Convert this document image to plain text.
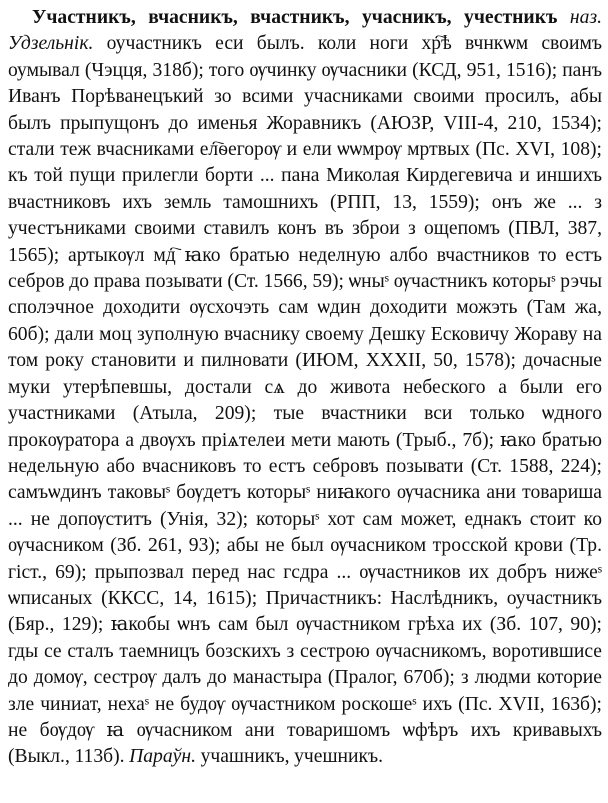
Участникъ, вчасникъ, вчастникъ, учасникъ, учестникъ наз. Удзельнік. оучастникъ еси былъ. коли ноги хр҇ѣ вчнкѡм своимъ оумывал (Чэцця, 318б); того ѹчинку ѹчасники (КСД, 951, 1516); панъ Иванъ Порѣванецъкий зо всими учасниками своими просилъ, абы былъ прыпущонъ до именья Жоравникъ (АЮЗР, VIII-4, 210, 1534); стали теж вчасниками ел҇ѳегорѹ и ели ѡѡмрѹ мртвых (Пс. XVI, 108); къ той пущи прилегли борти ... пана Миколая Кирдегевича и иншихъ вчастниковъ ихъ земль тамошнихъ (РПП, 13, 1559); онъ же ... з учестъниками своими ставилъ конъ въ зброи з ощепомъ (ПВЛ, 387, 1565); артыкѹл мд҇ ꙗко братью неделную албо вчастников то естъ себров до права позывати (Ст. 1566, 59); ѡныˢ ѹчастникъ которыˢ рэчы сполэчное доходити ѹсхочэть сам ѡдин доходити можэть (Там жа, 60б); дали моц зуполную вчаснику своему Дешку Есковичу Жораву на том року становити и пилновати (ИЮМ, XXXII, 50, 1578); дочасные муки утерѣпевшы, достали сѧ до живота небеского а были его участниками (Атыла, 209); тые вчастники вси только ѡдного прокѹратора а двѹхъ пріѧтелеи мети мають (Трыб., 7б); ꙗко братью недельную або вчасниковъ то естъ себровъ позывати (Ст. 1588, 224); самъѡдинъ таковыˢ бѹдетъ которыˢ ниꙗкого ѹчасника ани товариша ... не допѹститъ (Унія, 32); которыˢ хот сам может, еднакъ стоит ко ѹчасником (Зб. 261, 93); абы не был ѹчасником тросской крови (Тр. гіст., 69); прыпозвал перед нас гсдра ... ѹчастников их добръ нижеˢ ѡписаных (ККСС, 14, 1615); Причастникъ: Наслѣдникъ, оучастникъ (Бяр., 129); ꙗкобы ѡнъ сам был ѹчастником грѣха их (Зб. 107, 90); гды се сталъ таемницъ бозскихъ з сестрою ѹчасникомъ, воротившисе до домѹ, сестрѹ далъ до манастыра (Пралог, 670б); з людми которие зле чиниат, нехаˢ не будѹ ѹчастником роскошеˢ ихъ (Пс. XVII, 163б); не бѹдѹ ꙗ ѹчасником ани товаришомъ ѡфѣръ ихъ кривавыхъ (Выкл., 113б). Параўн. учашникъ, учешникъ.
